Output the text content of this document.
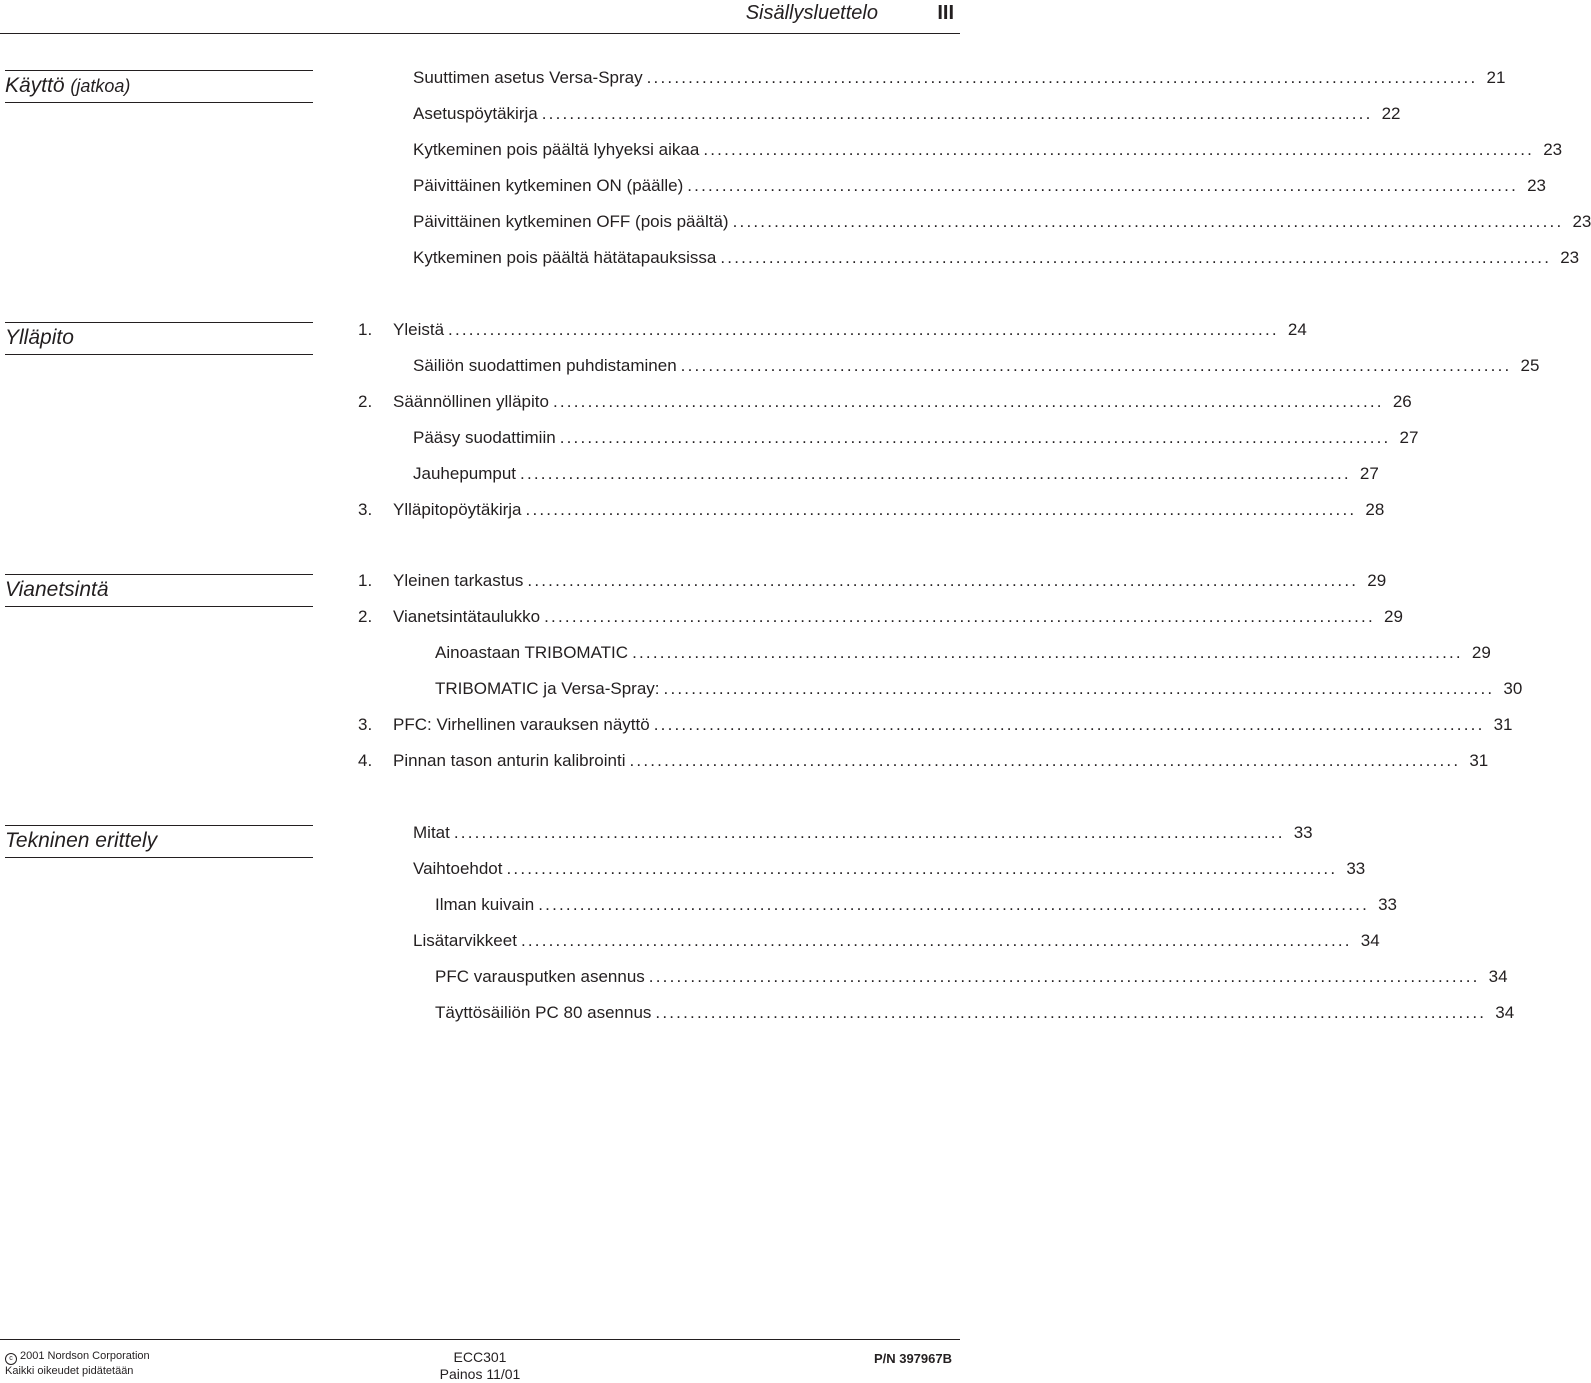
Sisällysluettelo	III
Käyttö (jatkoa)
Ylläpito
Vianetsintä
Tekninen erittely
c 2001 Nordson Corporation
Kaikki oikeudet pidätetään
ECC301
Painos 11/01
P/N 397967B
Suuttimen asetus Versa-Spray ........................................................................................................................ 21
Asetuspöytäkirja ........................................................................................................................ 22
Kytkeminen pois päältä lyhyeksi aikaa ........................................................................................................................ 23
Päivittäinen kytkeminen ON (päälle) ........................................................................................................................ 23
Päivittäinen kytkeminen OFF (pois päältä) ........................................................................................................................ 23
Kytkeminen pois päältä hätätapauksissa ........................................................................................................................ 23
1.	Yleistä ........................................................................................................................ 24
Säiliön suodattimen puhdistaminen ........................................................................................................................ 25
2.	Säännöllinen ylläpito ........................................................................................................................ 26
Pääsy suodattimiin ........................................................................................................................ 27
Jauhepumput ........................................................................................................................ 27
3.	Ylläpitopöytäkirja ........................................................................................................................ 28
1.	Yleinen tarkastus ........................................................................................................................ 29
2.	Vianetsintätaulukko ........................................................................................................................ 29
Ainoastaan TRIBOMATIC ........................................................................................................................ 29
TRIBOMATIC ja Versa-Spray: ........................................................................................................................ 30
3.	PFC: Virhellinen varauksen näyttö ........................................................................................................................ 31
4.	Pinnan tason anturin kalibrointi ........................................................................................................................ 31
Mitat ........................................................................................................................ 33
Vaihtoehdot ........................................................................................................................ 33
Ilman kuivain ........................................................................................................................ 33
Lisätarvikkeet ........................................................................................................................ 34
PFC varausputken asennus ........................................................................................................................ 34
Täyttösäiliön PC 80 asennus ........................................................................................................................ 34
